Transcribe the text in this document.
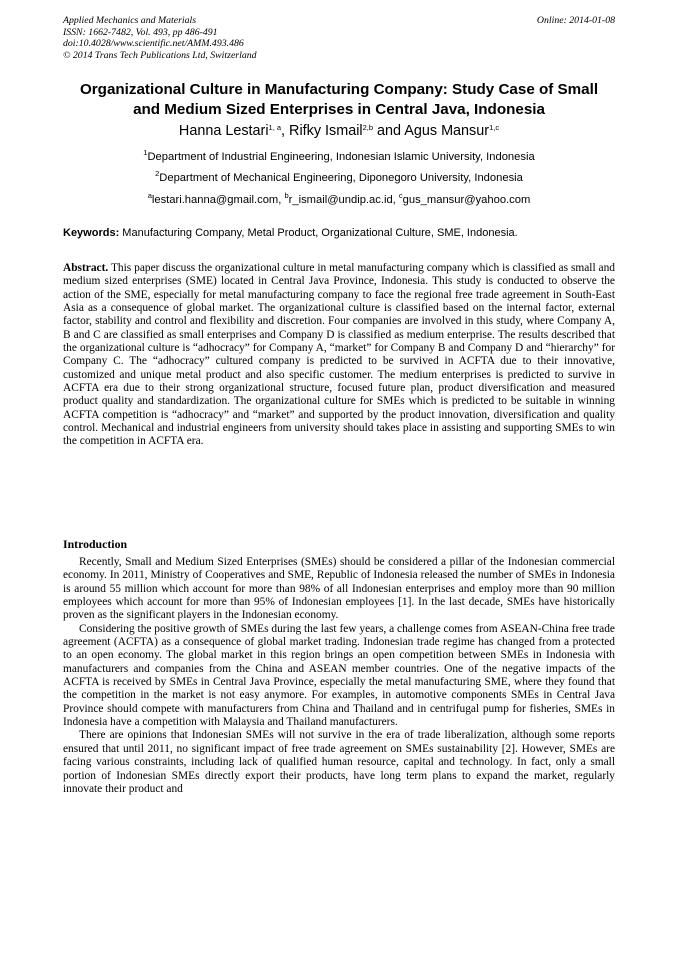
Applied Mechanics and Materials
ISSN: 1662-7482, Vol. 493, pp 486-491
doi:10.4028/www.scientific.net/AMM.493.486
© 2014 Trans Tech Publications Ltd, Switzerland
Online: 2014-01-08
Organizational Culture in Manufacturing Company: Study Case of Small
and Medium Sized Enterprises in Central Java, Indonesia
Hanna Lestari$^{1, a}$, Rifky Ismail$^{2,b}$ and Agus Mansur$^{1,c}$
$^1$Department of Industrial Engineering, Indonesian Islamic University, Indonesia
$^2$Department of Mechanical Engineering, Diponegoro University, Indonesia
$^a$lestari.hanna@gmail.com, $^b$r_ismail@undip.ac.id, $^c$gus_mansur@yahoo.com
Keywords: Manufacturing Company, Metal Product, Organizational Culture, SME, Indonesia.
Abstract. This paper discuss the organizational culture in metal manufacturing company which is classified as small and medium sized enterprises (SME) located in Central Java Province, Indonesia. This study is conducted to observe the action of the SME, especially for metal manufacturing company to face the regional free trade agreement in South-East Asia as a consequence of global market. The organizational culture is classified based on the internal factor, external factor, stability and control and flexibility and discretion. Four companies are involved in this study, where Company A, B and C are classified as small enterprises and Company D is classified as medium enterprise. The results described that the organizational culture is “adhocracy” for Company A, “market” for Company B and Company D and “hierarchy” for Company C. The “adhocracy” cultured company is predicted to be survived in ACFTA due to their innovative, customized and unique metal product and also specific customer. The medium enterprises is predicted to survive in ACFTA era due to their strong organizational structure, focused future plan, product diversification and measured product quality and standardization. The organizational culture for SMEs which is predicted to be suitable in winning ACFTA competition is “adhocracy” and “market” and supported by the product innovation, diversification and quality control. Mechanical and industrial engineers from university should takes place in assisting and supporting SMEs to win the competition in ACFTA era.
Introduction

Recently, Small and Medium Sized Enterprises (SMEs) should be considered a pillar of the Indonesian commercial economy. In 2011, Ministry of Cooperatives and SME, Republic of Indonesia released the number of SMEs in Indonesia is around 55 million which account for more than 98% of all Indonesian enterprises and employ more than 90 million employees which account for more than 95% of Indonesian employees [1]. In the last decade, SMEs have historically proven as the significant players in the Indonesian economy.

Considering the positive growth of SMEs during the last few years, a challenge comes from ASEAN-China free trade agreement (ACFTA) as a consequence of global market trading. Indonesian trade regime has changed from a protected to an open economy. The global market in this region brings an open competition between SMEs in Indonesia with manufacturers and companies from the China and ASEAN member countries. One of the negative impacts of the ACFTA is received by SMEs in Central Java Province, especially the metal manufacturing SME, where they found that the competition in the market is not easy anymore. For examples, in automotive components SMEs in Central Java Province should compete with manufacturers from China and Thailand and in centrifugal pump for fisheries, SMEs in Indonesia have a competition with Malaysia and Thailand manufacturers.

There are opinions that Indonesian SMEs will not survive in the era of trade liberalization, although some reports ensured that until 2011, no significant impact of free trade agreement on SMEs sustainability [2]. However, SMEs are facing various constraints, including lack of qualified human resource, capital and technology. In fact, only a small portion of Indonesian SMEs directly export their products, have long term plans to expand the market, regularly innovate their product and
